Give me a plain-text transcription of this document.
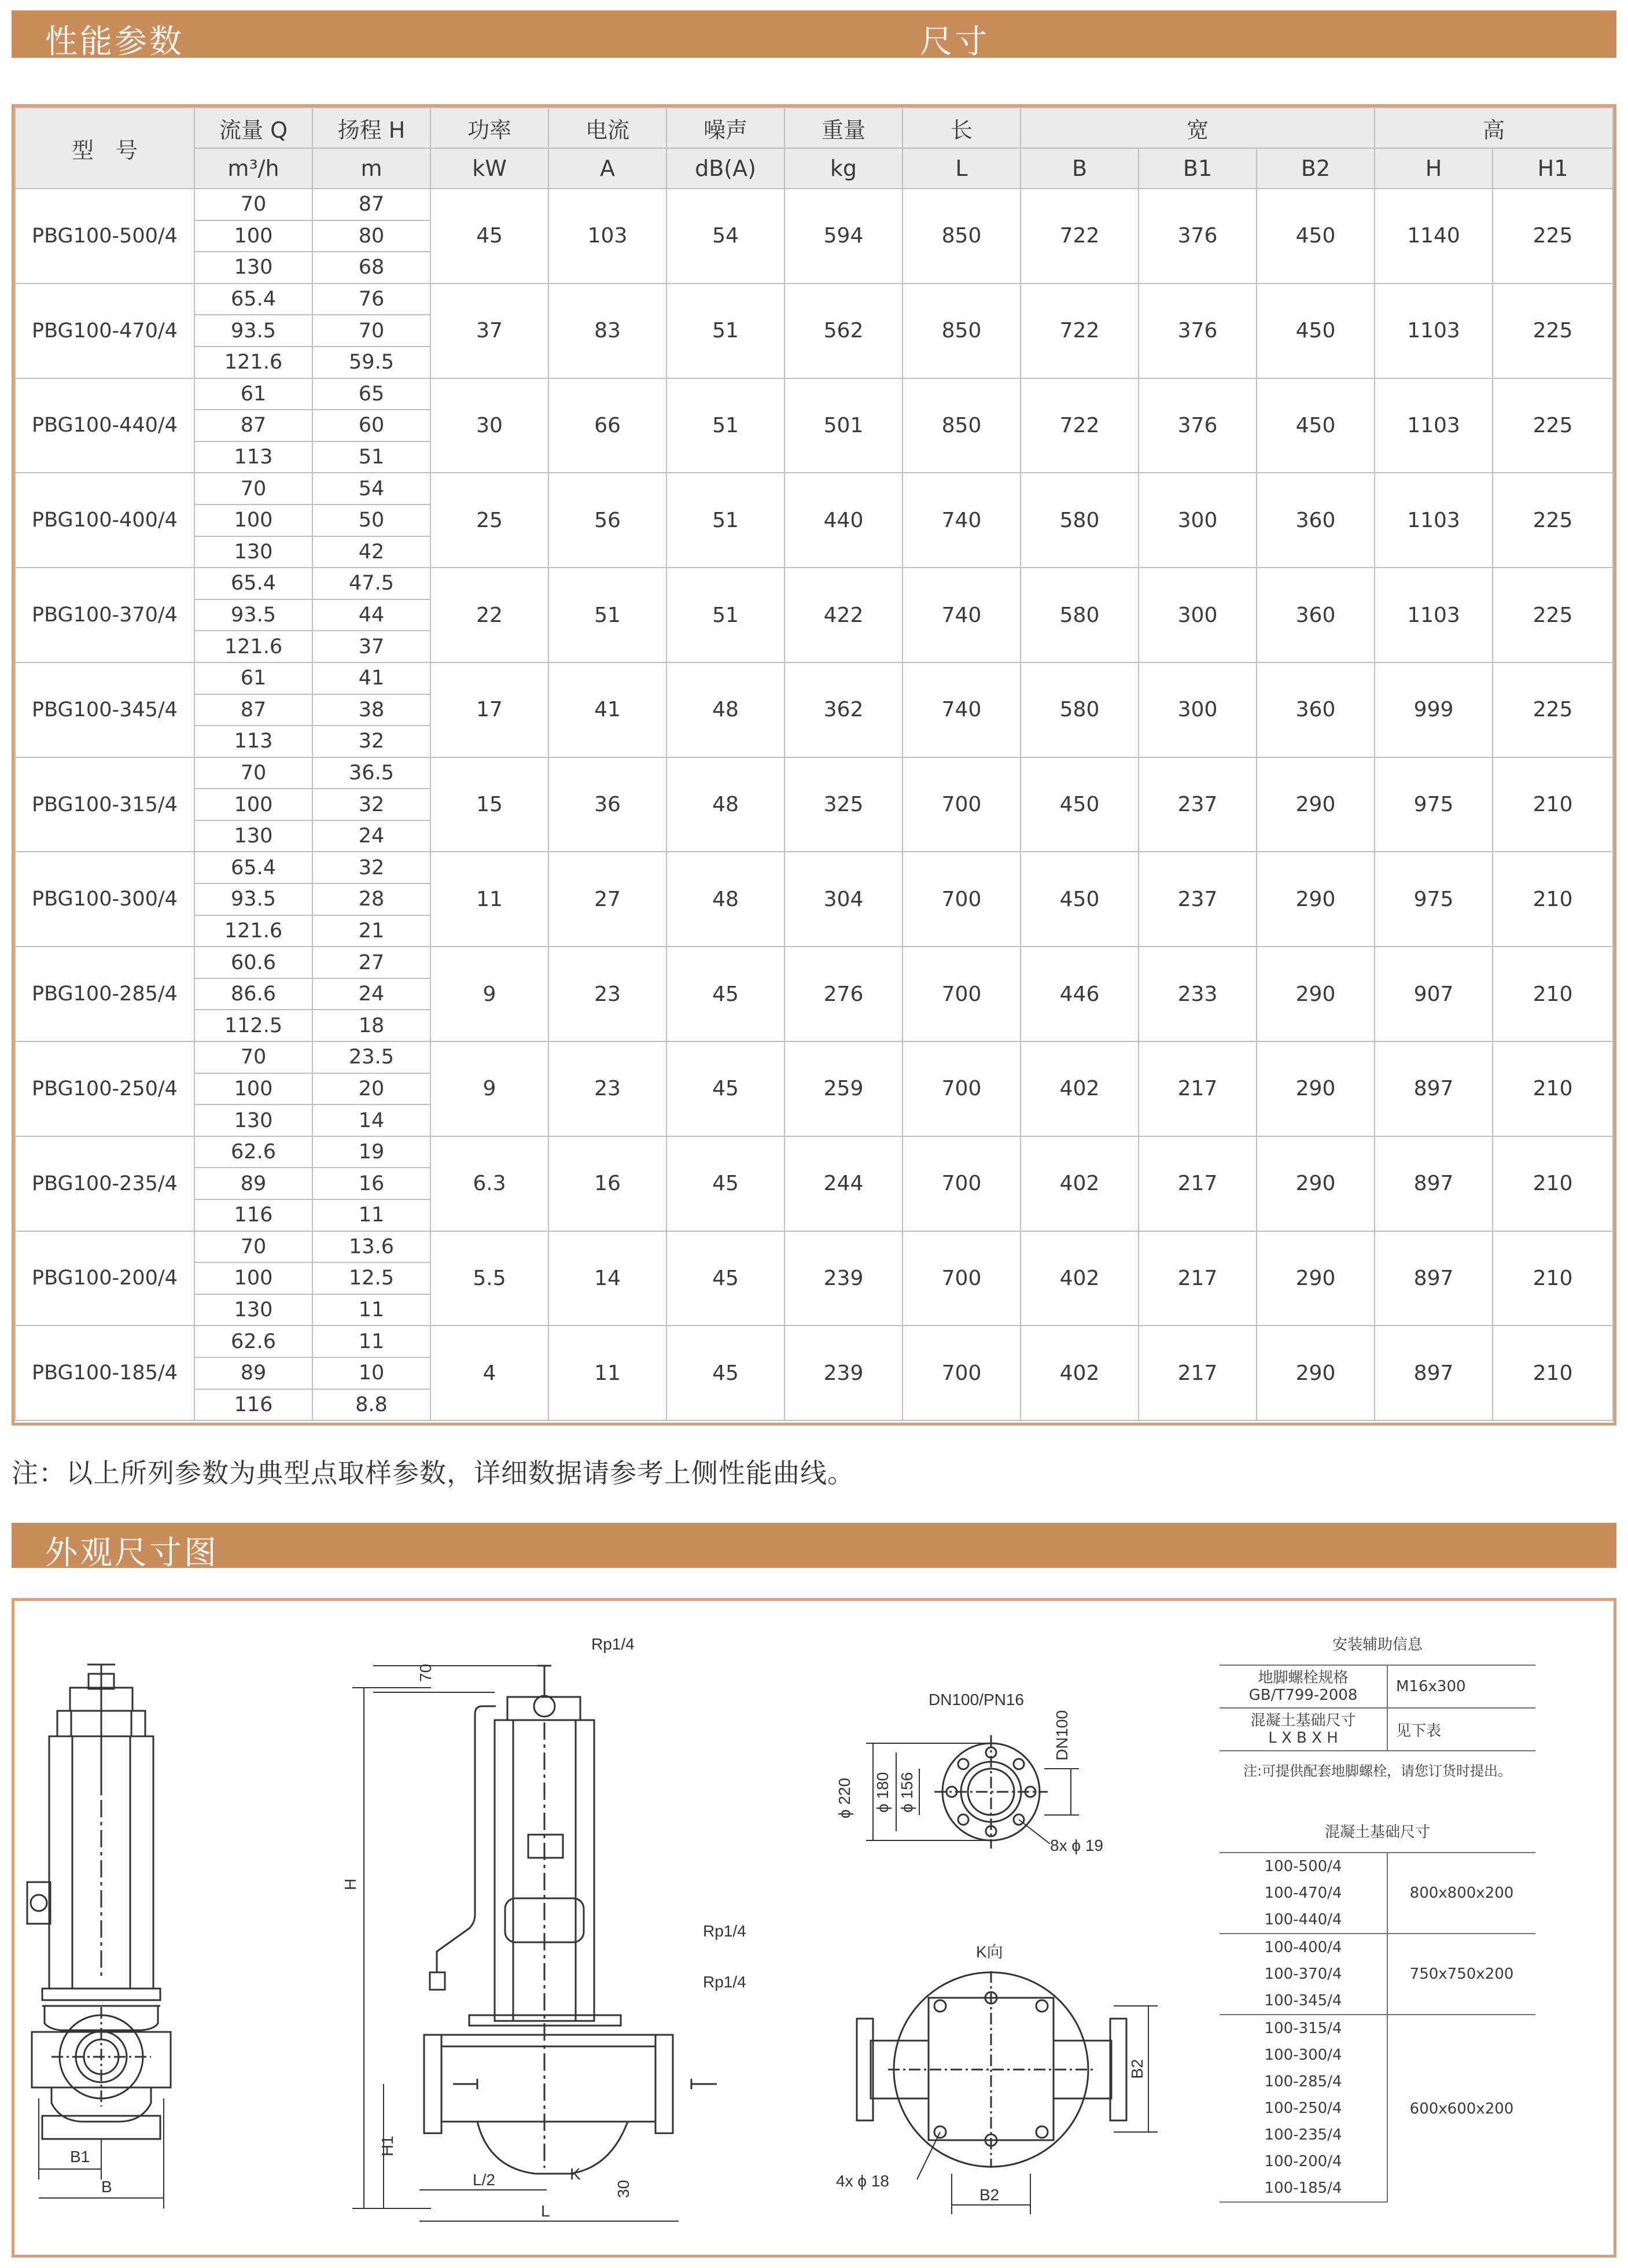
性能参数	尺寸
型　号	流量 Q	扬程 H	功率	电流	噪声	重量	长	宽			高	
	m³/h	m	kW	A	dB(A)	kg	L	B	B1	B2	H	H1
PBG100-500/4	70	87	45	103	54	594	850	722	376	450	1140	225
	100	80										
	130	68										
PBG100-470/4	65.4	76	37	83	51	562	850	722	376	450	1103	225
	93.5	70										
	121.6	59.5										
PBG100-440/4	61	65	30	66	51	501	850	722	376	450	1103	225
	87	60										
	113	51										
PBG100-400/4	70	54	25	56	51	440	740	580	300	360	1103	225
	100	50										
	130	42										
PBG100-370/4	65.4	47.5	22	51	51	422	740	580	300	360	1103	225
	93.5	44										
	121.6	37										
PBG100-345/4	61	41	17	41	48	362	740	580	300	360	999	225
	87	38										
	113	32										
PBG100-315/4	70	36.5	15	36	48	325	700	450	237	290	975	210
	100	32										
	130	24										
PBG100-300/4	65.4	32	11	27	48	304	700	450	237	290	975	210
	93.5	28										
	121.6	21										
PBG100-285/4	60.6	27	9	23	45	276	700	446	233	290	907	210
	86.6	24										
	112.5	18										
PBG100-250/4	70	23.5	9	23	45	259	700	402	217	290	897	210
	100	20										
	130	14										
PBG100-235/4	62.6	19	6.3	16	45	244	700	402	217	290	897	210
	89	16										
	116	11										
PBG100-200/4	70	13.6	5.5	14	45	239	700	402	217	290	897	210
	100	12.5										
	130	11										
PBG100-185/4	62.6	11	4	11	45	239	700	402	217	290	897	210
	89	10										
	116	8.8										
注：以上所列参数为典型点取样参数，详细数据请参考上侧性能曲线。
外观尺寸图
B1
B
Rp1/4
Rp1/4
Rp1/4
70
H
H1
L/2
L
K
30
DN100/PN16
DN100
ϕ 220 ϕ 180 ϕ 156
8x ϕ 19
K向
4x ϕ 18
B2
B2
安装辅助信息
地脚螺栓规格
GB/T799-2008	M16x300
混凝土基础尺寸
L X B X H	见下表
注:可提供配套地脚螺栓，请您订货时提出。
混凝土基础尺寸
100-500/4	800x800x200
100-470/4	
100-440/4	
100-400/4	750x750x200
100-370/4	
100-345/4	
100-315/4	600x600x200
100-300/4	
100-285/4	
100-250/4	
100-235/4	
100-200/4	
100-185/4	
